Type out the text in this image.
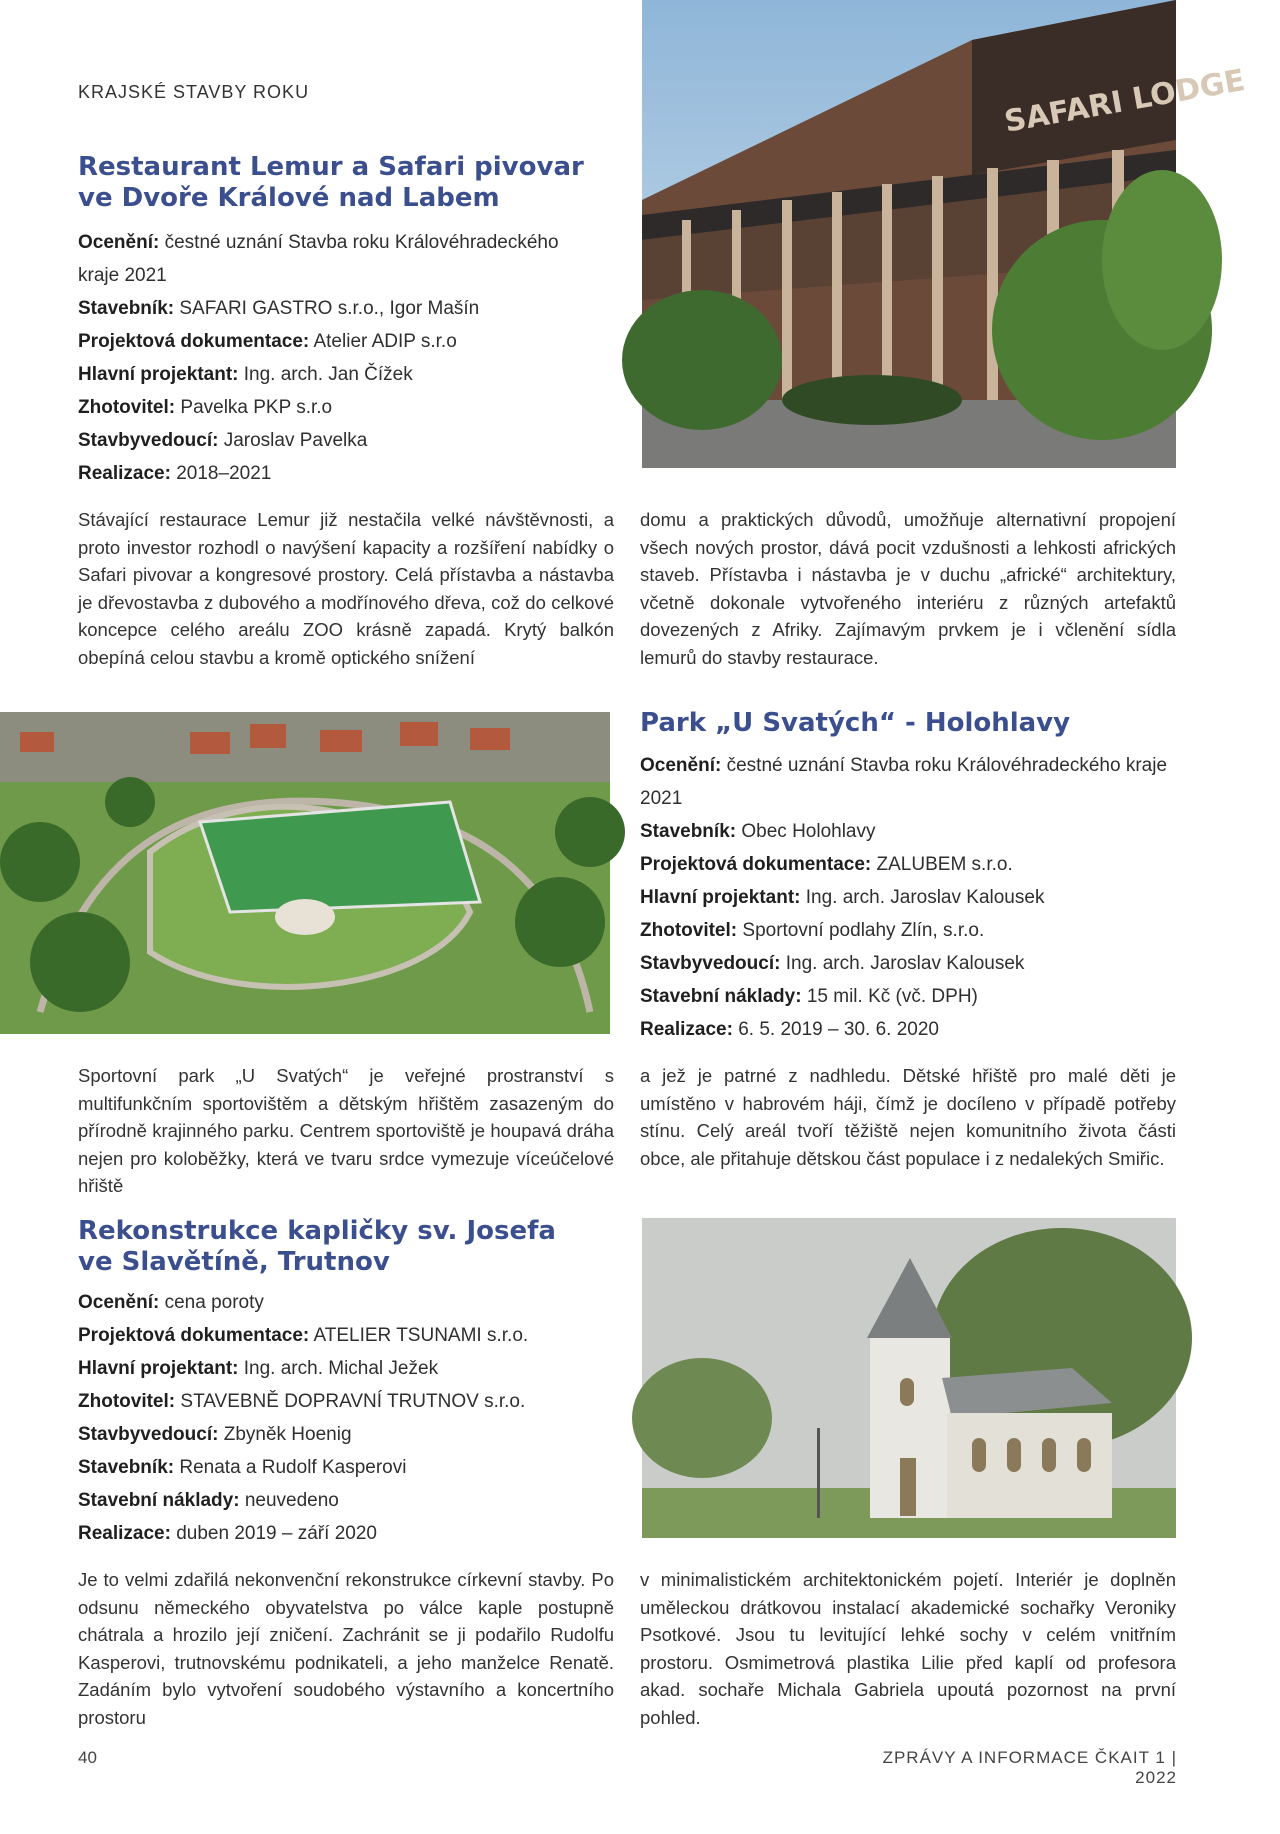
KRAJSKÉ STAVBY ROKU
Restaurant Lemur a Safari pivovar
ve Dvoře Králové nad Labem
Ocenění: čestné uznání Stavba roku Královéhradeckého kraje 2021
Stavebník: SAFARI GASTRO s.r.o., Igor Mašín
Projektová dokumentace: Atelier ADIP s.r.o
Hlavní projektant: Ing. arch. Jan Čížek
Zhotovitel: Pavelka PKP s.r.o
Stavbyvedoucí: Jaroslav Pavelka
Realizace: 2018–2021
SAFARI LODGE

Stávající restaurace Lemur již nestačila velké návštěvnosti, a proto investor rozhodl o navýšení kapacity a rozšíření nabídky o Safari pivovar a kongresové prostory. Celá přístavba a nástavba je dřevostavba z dubového a modřínového dřeva, což do celkové koncepce celého areálu ZOO krásně zapadá. Krytý balkón obepíná celou stavbu a kromě optického snížení

domu a praktických důvodů, umožňuje alternativní propojení všech nových prostor, dává pocit vzdušnosti a lehkosti afrických staveb. Přístavba i nástavba je v duchu „africké“ architektury, včetně dokonale vytvořeného interiéru z různých artefaktů dovezených z Afriky. Zajímavým prvkem je i včlenění sídla lemurů do stavby restaurace.

Park „U Svatých“ - Holohlavy
Ocenění: čestné uznání Stavba roku Královéhradeckého kraje 2021
Stavebník: Obec Holohlavy
Projektová dokumentace: ZALUBEM s.r.o.
Hlavní projektant: Ing. arch. Jaroslav Kalousek
Zhotovitel: Sportovní podlahy Zlín, s.r.o.
Stavbyvedoucí: Ing. arch. Jaroslav Kalousek
Stavební náklady: 15 mil. Kč (vč. DPH)
Realizace: 6. 5. 2019 – 30. 6. 2020

Sportovní park „U Svatých“ je veřejné prostranství s multifunkčním sportovištěm a dětským hřištěm zasazeným do přírodně krajinného parku. Centrem sportoviště je houpavá dráha nejen pro koloběžky, která ve tvaru srdce vymezuje víceúčelové hřiště

a jež je patrné z nadhledu. Dětské hřiště pro malé děti je umístěno v habrovém háji, čímž je docíleno v případě potřeby stínu. Celý areál tvoří těžiště nejen komunitního života části obce, ale přitahuje dětskou část populace i z nedalekých Smiřic.

Rekonstrukce kapličky sv. Josefa
ve Slavětíně, Trutnov
Ocenění: cena poroty
Projektová dokumentace: ATELIER TSUNAMI s.r.o.
Hlavní projektant: Ing. arch. Michal Ježek
Zhotovitel: STAVEBNĚ DOPRAVNÍ TRUTNOV s.r.o.
Stavbyvedoucí: Zbyněk Hoenig
Stavebník: Renata a Rudolf Kasperovi
Stavební náklady: neuvedeno
Realizace: duben 2019 – září 2020

Je to velmi zdařilá nekonvenční rekonstrukce církevní stavby. Po odsunu německého obyvatelstva po válce kaple postupně chátrala a hrozilo její zničení. Zachránit se ji podařilo Rudolfu Kasperovi, trutnovskému podnikateli, a jeho manželce Renatě. Zadáním bylo vytvoření soudobého výstavního a koncertního prostoru

v minimalistickém architektonickém pojetí. Interiér je doplněn uměleckou drátkovou instalací akademické sochařky Veroniky Psotkové. Jsou tu levitující lehké sochy v celém vnitřním prostoru. Osmimetrová plastika Lilie před kaplí od profesora akad. sochaře Michala Gabriela upoutá pozornost na první pohled.

40	ZPRÁVY A INFORMACE ČKAIT 1 | 2022
